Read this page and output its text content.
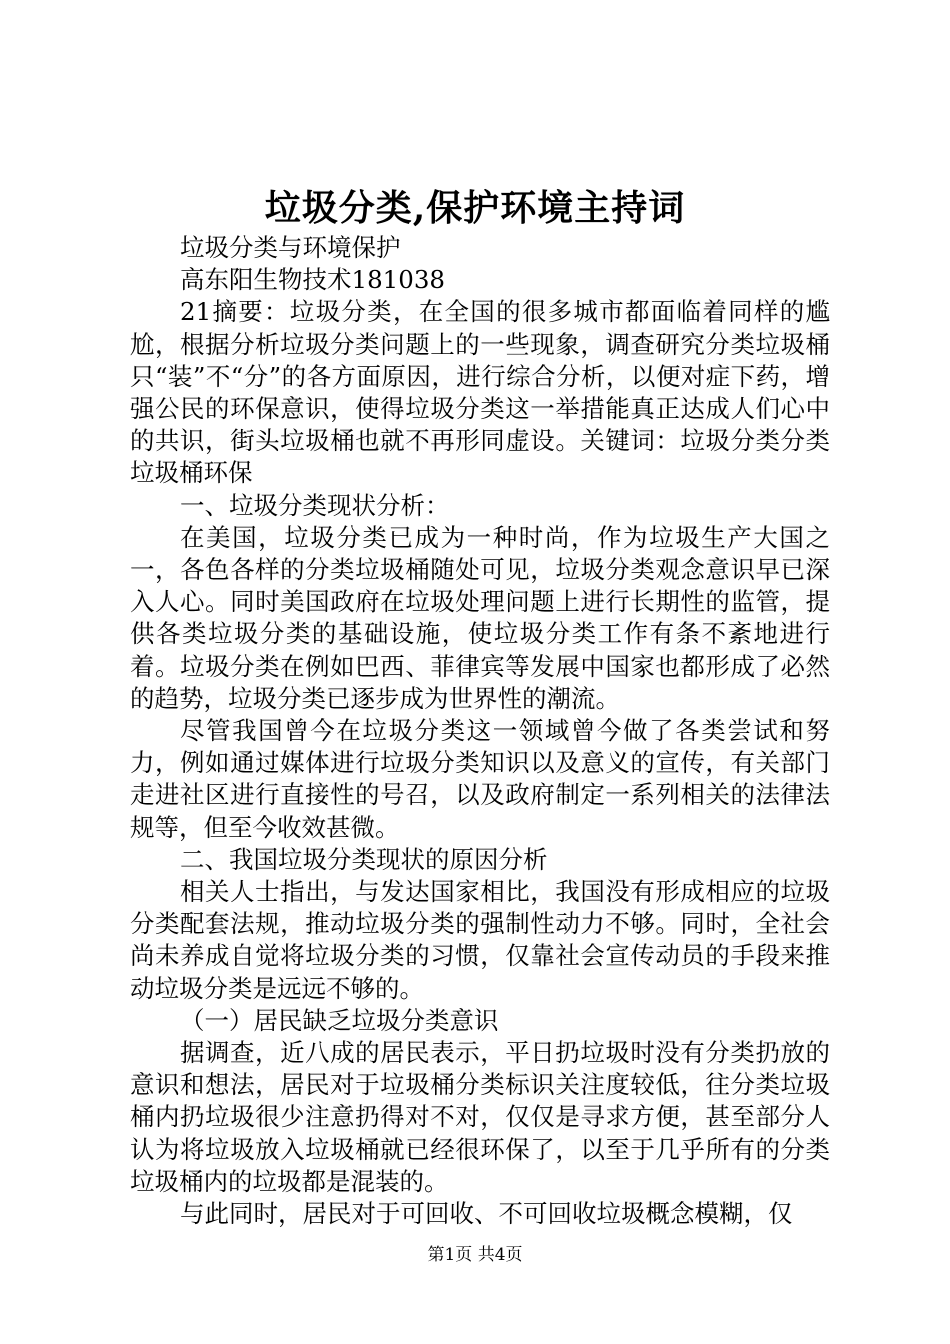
垃圾分类,保护环境主持词

垃圾分类与环境保护

高东阳生物技术181038

21摘要：垃圾分类，在全国的很多城市都面临着同样的尴尬，根据分析垃圾分类问题上的一些现象，调查研究分类垃圾桶只“装”不“分”的各方面原因，进行综合分析，以便对症下药，增强公民的环保意识，使得垃圾分类这一举措能真正达成人们心中的共识，街头垃圾桶也就不再形同虚设。关键词：垃圾分类分类垃圾桶环保

一、垃圾分类现状分析：

在美国，垃圾分类已成为一种时尚，作为垃圾生产大国之一，各色各样的分类垃圾桶随处可见，垃圾分类观念意识早已深入人心。同时美国政府在垃圾处理问题上进行长期性的监管，提供各类垃圾分类的基础设施，使垃圾分类工作有条不紊地进行着。垃圾分类在例如巴西、菲律宾等发展中国家也都形成了必然的趋势，垃圾分类已逐步成为世界性的潮流。

尽管我国曾今在垃圾分类这一领域曾今做了各类尝试和努力，例如通过媒体进行垃圾分类知识以及意义的宣传，有关部门走进社区进行直接性的号召，以及政府制定一系列相关的法律法规等，但至今收效甚微。

二、我国垃圾分类现状的原因分析

相关人士指出，与发达国家相比，我国没有形成相应的垃圾分类配套法规，推动垃圾分类的强制性动力不够。同时，全社会尚未养成自觉将垃圾分类的习惯，仅靠社会宣传动员的手段来推动垃圾分类是远远不够的。

（一）居民缺乏垃圾分类意识

据调查，近八成的居民表示，平日扔垃圾时没有分类扔放的意识和想法，居民对于垃圾桶分类标识关注度较低，往分类垃圾桶内扔垃圾很少注意扔得对不对，仅仅是寻求方便，甚至部分人认为将垃圾放入垃圾桶就已经很环保了，以至于几乎所有的分类垃圾桶内的垃圾都是混装的。

与此同时，居民对于可回收、不可回收垃圾概念模糊，仅

第1页 共4页
